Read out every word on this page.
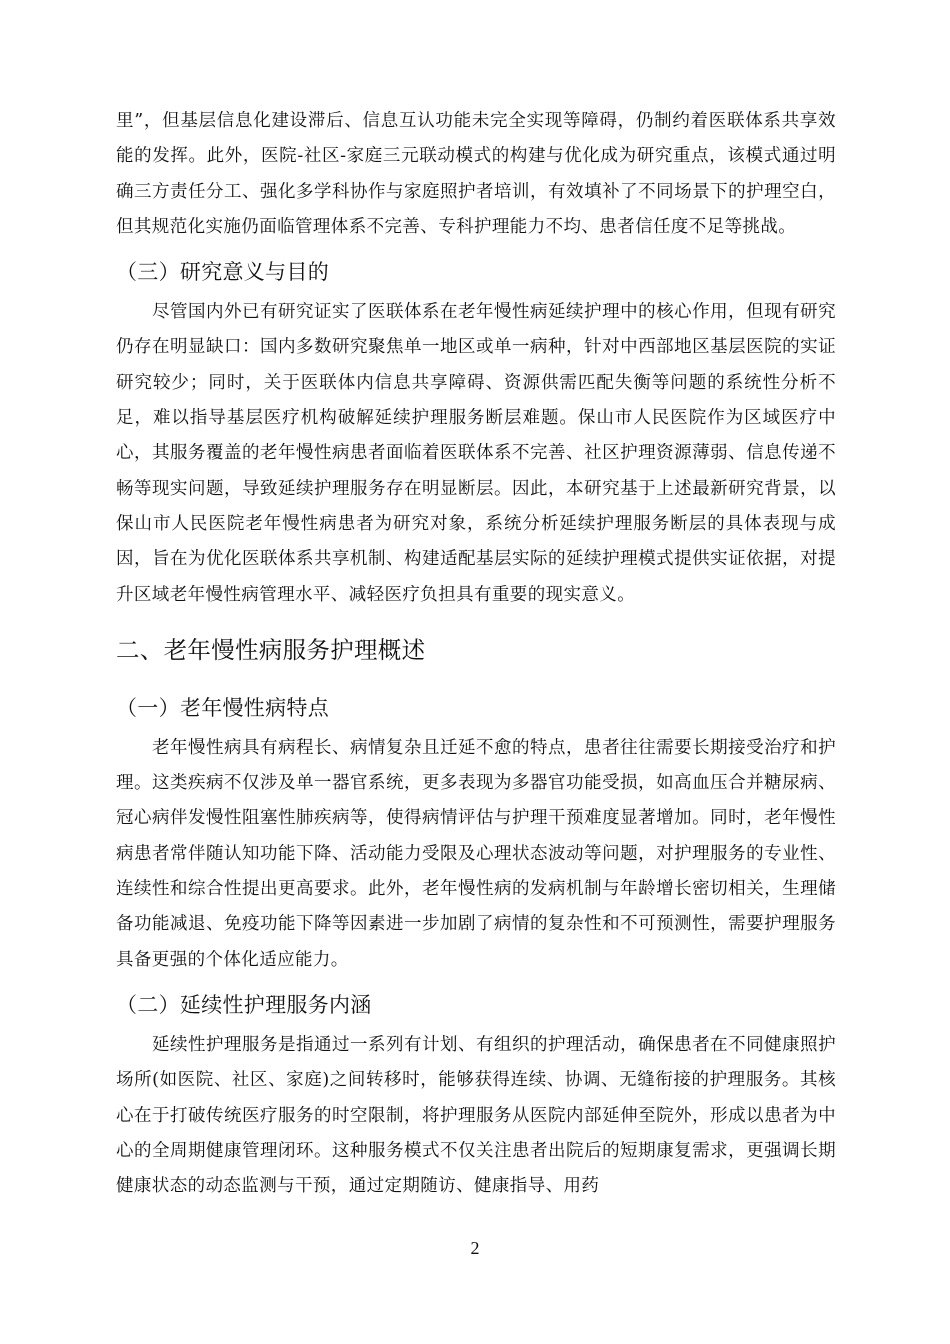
里”，但基层信息化建设滞后、信息互认功能未完全实现等障碍，仍制约着医联体系共享效能的发挥。此外，医院-社区-家庭三元联动模式的构建与优化成为研究重点，该模式通过明确三方责任分工、强化多学科协作与家庭照护者培训，有效填补了不同场景下的护理空白，但其规范化实施仍面临管理体系不完善、专科护理能力不均、患者信任度不足等挑战。

（三）研究意义与目的

尽管国内外已有研究证实了医联体系在老年慢性病延续护理中的核心作用，但现有研究仍存在明显缺口：国内多数研究聚焦单一地区或单一病种，针对中西部地区基层医院的实证研究较少；同时，关于医联体内信息共享障碍、资源供需匹配失衡等问题的系统性分析不足，难以指导基层医疗机构破解延续护理服务断层难题。保山市人民医院作为区域医疗中心，其服务覆盖的老年慢性病患者面临着医联体系不完善、社区护理资源薄弱、信息传递不畅等现实问题，导致延续护理服务存在明显断层。因此，本研究基于上述最新研究背景，以保山市人民医院老年慢性病患者为研究对象，系统分析延续护理服务断层的具体表现与成因，旨在为优化医联体系共享机制、构建适配基层实际的延续护理模式提供实证依据，对提升区域老年慢性病管理水平、减轻医疗负担具有重要的现实意义。

二、老年慢性病服务护理概述
（一）老年慢性病特点

老年慢性病具有病程长、病情复杂且迁延不愈的特点，患者往往需要长期接受治疗和护理。这类疾病不仅涉及单一器官系统，更多表现为多器官功能受损，如高血压合并糖尿病、冠心病伴发慢性阻塞性肺疾病等，使得病情评估与护理干预难度显著增加。同时，老年慢性病患者常伴随认知功能下降、活动能力受限及心理状态波动等问题，对护理服务的专业性、连续性和综合性提出更高要求。此外，老年慢性病的发病机制与年龄增长密切相关，生理储备功能减退、免疫功能下降等因素进一步加剧了病情的复杂性和不可预测性，需要护理服务具备更强的个体化适应能力。

（二）延续性护理服务内涵

延续性护理服务是指通过一系列有计划、有组织的护理活动，确保患者在不同健康照护场所(如医院、社区、家庭)之间转移时，能够获得连续、协调、无缝衔接的护理服务。其核心在于打破传统医疗服务的时空限制，将护理服务从医院内部延伸至院外，形成以患者为中心的全周期健康管理闭环。这种服务模式不仅关注患者出院后的短期康复需求，更强调长期健康状态的动态监测与干预，通过定期随访、健康指导、用药

2
